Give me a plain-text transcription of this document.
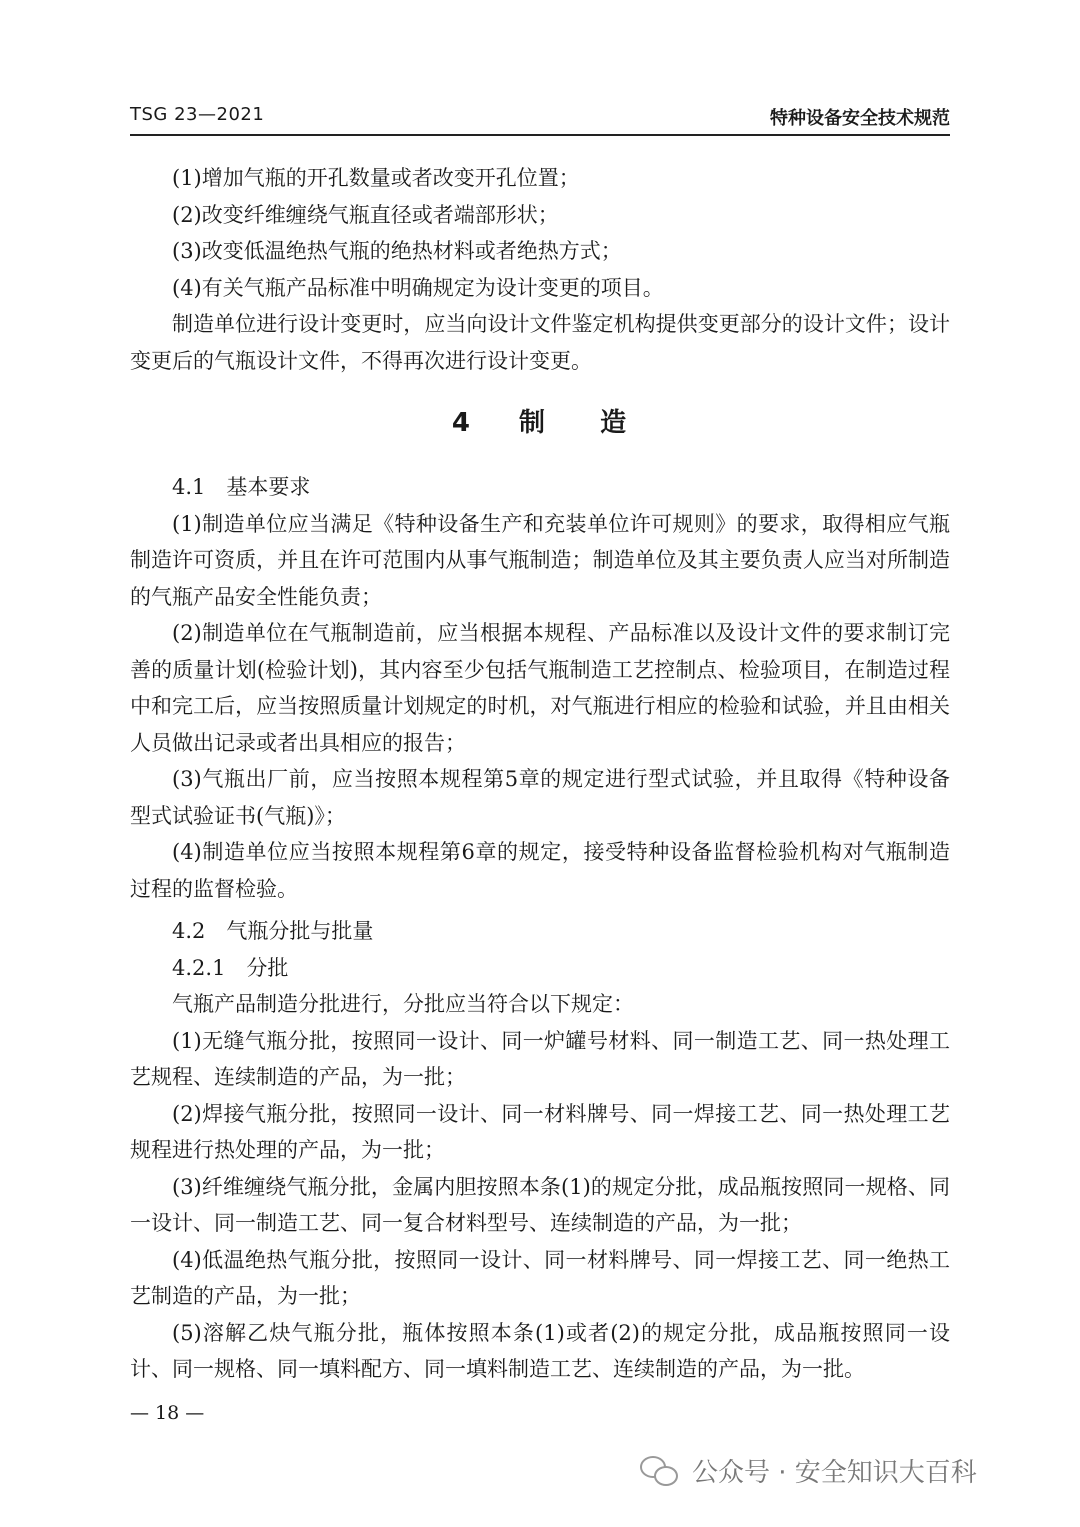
TSG 23—2021	特种设备安全技术规范

(1)增加气瓶的开孔数量或者改变开孔位置；

(2)改变纤维缠绕气瓶直径或者端部形状；

(3)改变低温绝热气瓶的绝热材料或者绝热方式；

(4)有关气瓶产品标准中明确规定为设计变更的项目。

制造单位进行设计变更时，应当向设计文件鉴定机构提供变更部分的设计文件；设计变更后的气瓶设计文件，不得再次进行设计变更。

4 制 造

4.1　基本要求

(1)制造单位应当满足《特种设备生产和充装单位许可规则》的要求，取得相应气瓶制造许可资质，并且在许可范围内从事气瓶制造；制造单位及其主要负责人应当对所制造的气瓶产品安全性能负责；

(2)制造单位在气瓶制造前，应当根据本规程、产品标准以及设计文件的要求制订完善的质量计划(检验计划)，其内容至少包括气瓶制造工艺控制点、检验项目，在制造过程中和完工后，应当按照质量计划规定的时机，对气瓶进行相应的检验和试验，并且由相关人员做出记录或者出具相应的报告；

(3)气瓶出厂前，应当按照本规程第5章的规定进行型式试验，并且取得《特种设备型式试验证书(气瓶)》；

(4)制造单位应当按照本规程第6章的规定，接受特种设备监督检验机构对气瓶制造过程的监督检验。

4.2　气瓶分批与批量

4.2.1　分批

气瓶产品制造分批进行，分批应当符合以下规定：

(1)无缝气瓶分批，按照同一设计、同一炉罐号材料、同一制造工艺、同一热处理工艺规程、连续制造的产品，为一批；

(2)焊接气瓶分批，按照同一设计、同一材料牌号、同一焊接工艺、同一热处理工艺规程进行热处理的产品，为一批；

(3)纤维缠绕气瓶分批，金属内胆按照本条(1)的规定分批，成品瓶按照同一规格、同一设计、同一制造工艺、同一复合材料型号、连续制造的产品，为一批；

(4)低温绝热气瓶分批，按照同一设计、同一材料牌号、同一焊接工艺、同一绝热工艺制造的产品，为一批；

(5)溶解乙炔气瓶分批，瓶体按照本条(1)或者(2)的规定分批，成品瓶按照同一设计、同一规格、同一填料配方、同一填料制造工艺、连续制造的产品，为一批。

— 18 —
公众号 · 安全知识大百科
